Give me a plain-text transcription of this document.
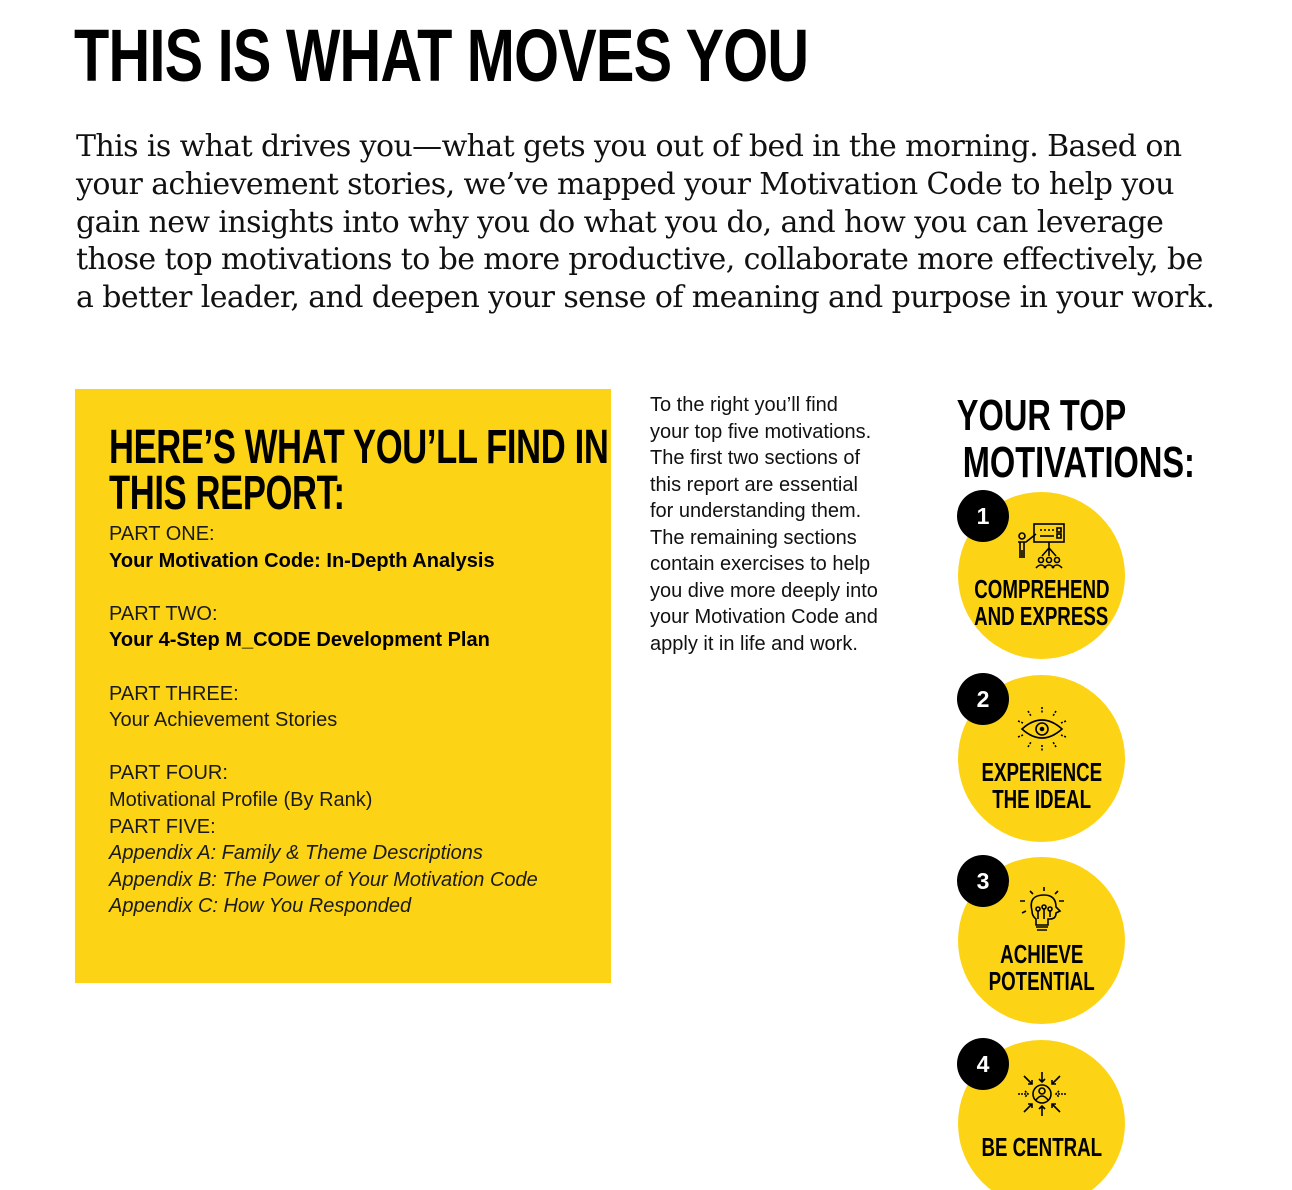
THIS IS WHAT MOVES YOU

This is what drives you—what gets you out of bed in the morning. Based on your achievement stories, we’ve mapped your Motivation Code to help you gain new insights into why you do what you do, and how you can leverage those top motivations to be more productive, collaborate more effectively, be a better leader, and deepen your sense of meaning and purpose in your work.

HERE’S WHAT YOU’LL FIND IN
THIS REPORT:
PART ONE:
Your Motivation Code: In-Depth Analysis
PART TWO:
Your 4-Step M_CODE Development Plan
PART THREE:
Your Achievement Stories
PART FOUR:
Motivational Profile (By Rank)
PART FIVE:
Appendix A: Family & Theme Descriptions
Appendix B: The Power of Your Motivation Code
Appendix C: How You Responded

To the right you’ll find your top five motivations. The first two sections of this report are essential for understanding them. The remaining sections contain exercises to help you dive more deeply into your Motivation Code and apply it in life and work.

YOUR TOP
MOTIVATIONS:
COMPREHEND
AND EXPRESS
1
EXPERIENCE
THE IDEAL
2
ACHIEVE
POTENTIAL
3
BE CENTRAL
4
